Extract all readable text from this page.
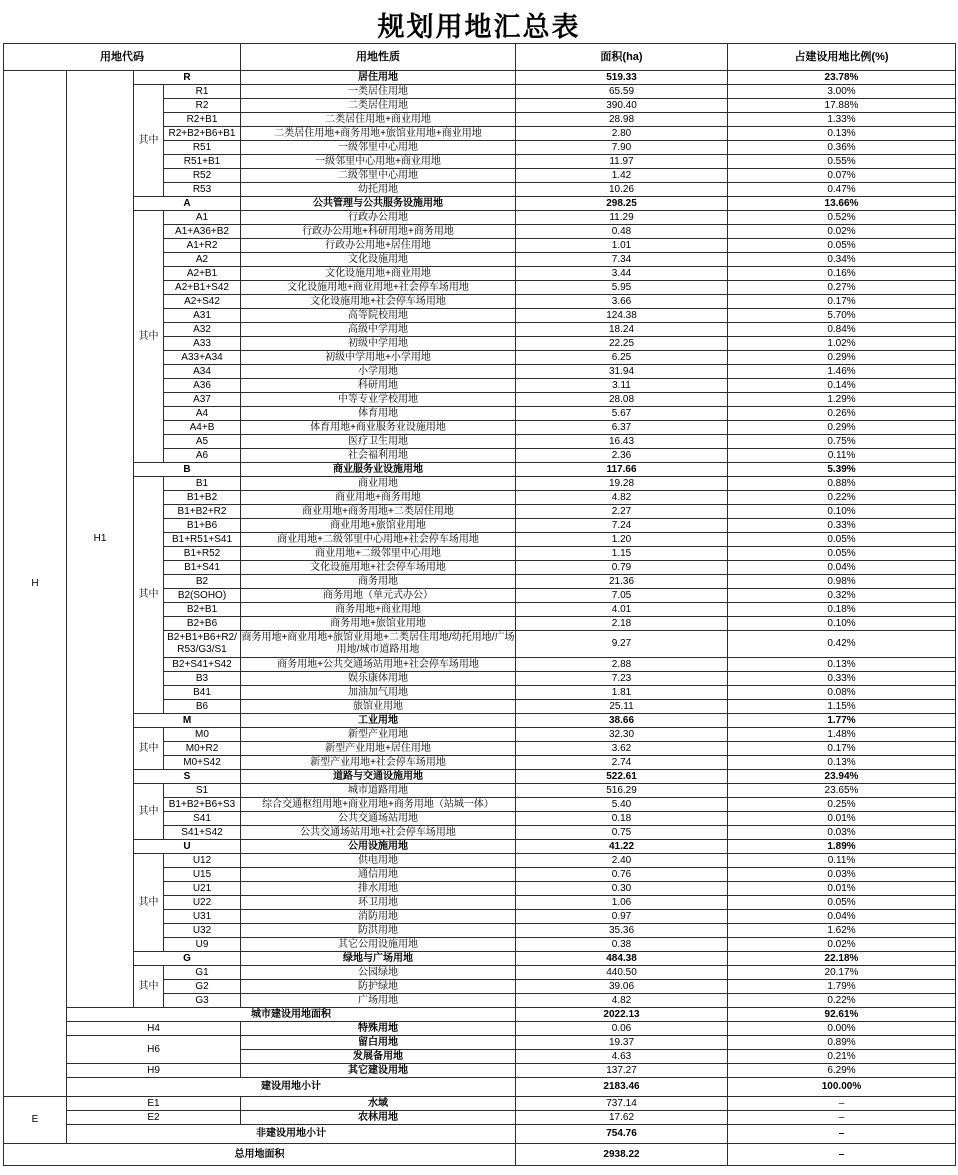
规划用地汇总表
用地代码				用地性质	面积(ha)	占建设用地比例(%)
H	H1	R		居住用地	519.33	23.78%
		其中	R1	一类居住用地	65.59	3.00%
			R2	二类居住用地	390.40	17.88%
			R2+B1	二类居住用地+商业用地	28.98	1.33%
			R2+B2+B6+B1	二类居住用地+商务用地+旅馆业用地+商业用地	2.80	0.13%
			R51	一级邻里中心用地	7.90	0.36%
			R51+B1	一级邻里中心用地+商业用地	11.97	0.55%
			R52	二级邻里中心用地	1.42	0.07%
			R53	幼托用地	10.26	0.47%
		A		公共管理与公共服务设施用地	298.25	13.66%
		其中	A1	行政办公用地	11.29	0.52%
			A1+A36+B2	行政办公用地+科研用地+商务用地	0.48	0.02%
			A1+R2	行政办公用地+居住用地	1.01	0.05%
			A2	文化设施用地	7.34	0.34%
			A2+B1	文化设施用地+商业用地	3.44	0.16%
			A2+B1+S42	文化设施用地+商业用地+社会停车场用地	5.95	0.27%
			A2+S42	文化设施用地+社会停车场用地	3.66	0.17%
			A31	高等院校用地	124.38	5.70%
			A32	高级中学用地	18.24	0.84%
			A33	初级中学用地	22.25	1.02%
			A33+A34	初级中学用地+小学用地	6.25	0.29%
			A34	小学用地	31.94	1.46%
			A36	科研用地	3.11	0.14%
			A37	中等专业学校用地	28.08	1.29%
			A4	体育用地	5.67	0.26%
			A4+B	体育用地+商业服务业设施用地	6.37	0.29%
			A5	医疗卫生用地	16.43	0.75%
			A6	社会福利用地	2.36	0.11%
		B		商业服务业设施用地	117.66	5.39%
		其中	B1	商业用地	19.28	0.88%
			B1+B2	商业用地+商务用地	4.82	0.22%
			B1+B2+R2	商业用地+商务用地+二类居住用地	2.27	0.10%
			B1+B6	商业用地+旅馆业用地	7.24	0.33%
			B1+R51+S41	商业用地+二级邻里中心用地+社会停车场用地	1.20	0.05%
			B1+R52	商业用地+二级邻里中心用地	1.15	0.05%
			B1+S41	文化设施用地+社会停车场用地	0.79	0.04%
			B2	商务用地	21.36	0.98%
			B2(SOHO)	商务用地（单元式办公）	7.05	0.32%
			B2+B1	商务用地+商业用地	4.01	0.18%
			B2+B6	商务用地+旅馆业用地	2.18	0.10%
			B2+B1+B6+R2/R53/G3/S1	商务用地+商业用地+旅馆业用地+二类居住用地/幼托用地/广场用地/城市道路用地	9.27	0.42%
			B2+S41+S42	商务用地+公共交通场站用地+社会停车场用地	2.88	0.13%
			B3	娱乐康体用地	7.23	0.33%
			B41	加油加气用地	1.81	0.08%
			B6	旅馆业用地	25.11	1.15%
		M		工业用地	38.66	1.77%
		其中	M0	新型产业用地	32.30	1.48%
			M0+R2	新型产业用地+居住用地	3.62	0.17%
			M0+S42	新型产业用地+社会停车场用地	2.74	0.13%
		S		道路与交通设施用地	522.61	23.94%
		其中	S1	城市道路用地	516.29	23.65%
			B1+B2+B6+S3	综合交通枢纽用地+商业用地+商务用地（站城一体）	5.40	0.25%
			S41	公共交通场站用地	0.18	0.01%
			S41+S42	公共交通场站用地+社会停车场用地	0.75	0.03%
		U		公用设施用地	41.22	1.89%
		其中	U12	供电用地	2.40	0.11%
			U15	通信用地	0.76	0.03%
			U21	排水用地	0.30	0.01%
			U22	环卫用地	1.06	0.05%
			U31	消防用地	0.97	0.04%
			U32	防洪用地	35.36	1.62%
			U9	其它公用设施用地	0.38	0.02%
		G		绿地与广场用地	484.38	22.18%
		其中	G1	公园绿地	440.50	20.17%
			G2	防护绿地	39.06	1.79%
			G3	广场用地	4.82	0.22%
	城市建设用地面积				2022.13	92.61%
	H4			特殊用地	0.06	0.00%
	H6			留白用地	19.37	0.89%
				发展备用地	4.63	0.21%
	H9			其它建设用地	137.27	6.29%
	建设用地小计				2183.46	100.00%
E	E1			水域	737.14	–
	E2			农林用地	17.62	–
	非建设用地小计				754.76	–
总用地面积					2938.22	–
